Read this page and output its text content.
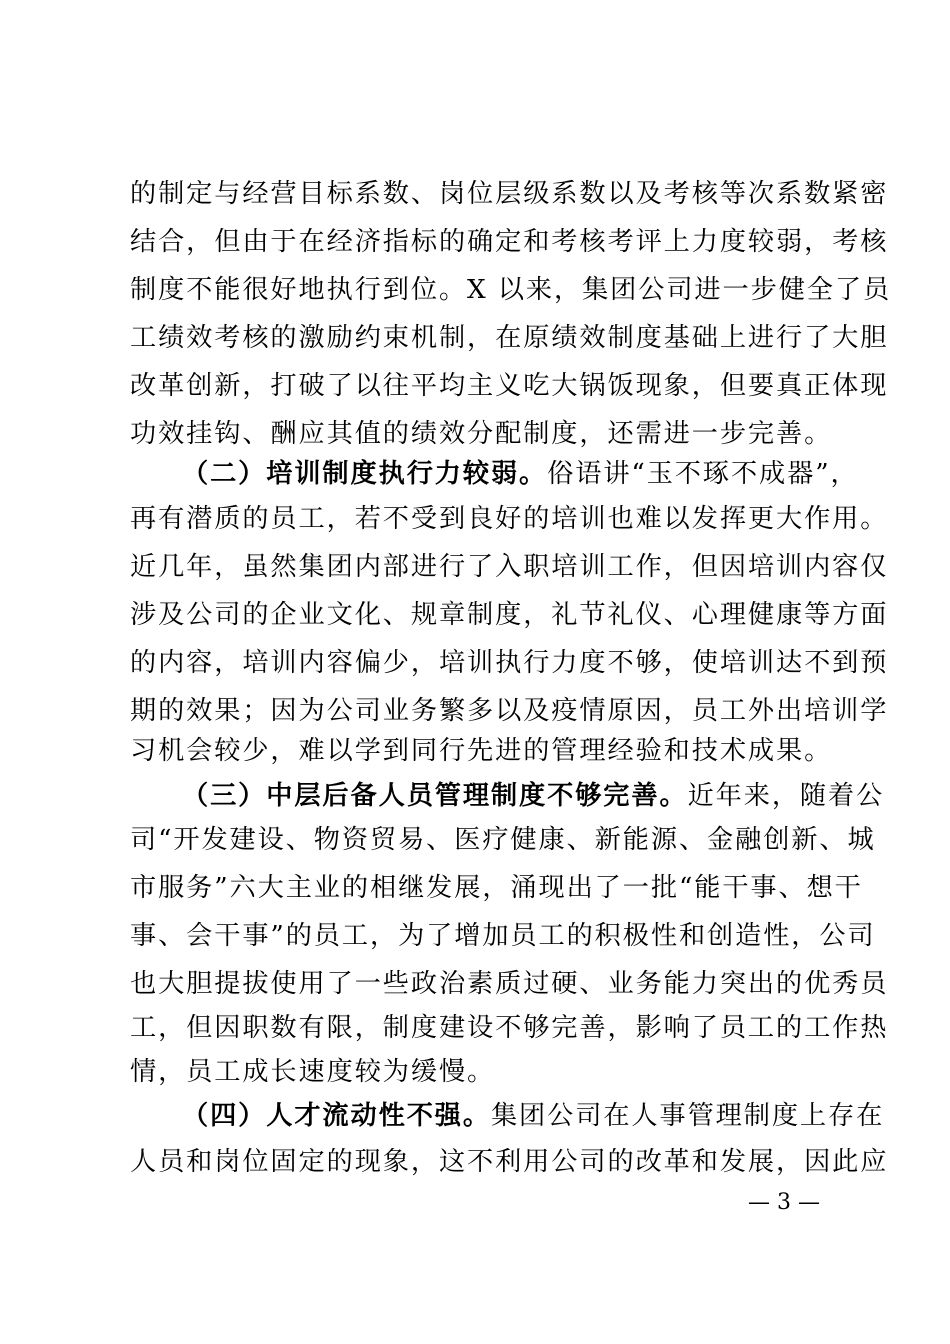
的制定与经营目标系数、岗位层级系数以及考核等次系数紧密
结合，但由于在经济指标的确定和考核考评上力度较弱，考核
制度不能很好地执行到位。X 以来，集团公司进一步健全了员
工绩效考核的激励约束机制，在原绩效制度基础上进行了大胆
改革创新，打破了以往平均主义吃大锅饭现象，但要真正体现
功效挂钩、酬应其值的绩效分配制度，还需进一步完善。
（二）培训制度执行力较弱。俗语讲“玉不琢不成器”，
再有潜质的员工，若不受到良好的培训也难以发挥更大作用。
近几年，虽然集团内部进行了入职培训工作，但因培训内容仅
涉及公司的企业文化、规章制度，礼节礼仪、心理健康等方面
的内容，培训内容偏少，培训执行力度不够，使培训达不到预
期的效果；因为公司业务繁多以及疫情原因，员工外出培训学
习机会较少，难以学到同行先进的管理经验和技术成果。
（三）中层后备人员管理制度不够完善。近年来，随着公
司“开发建设、物资贸易、医疗健康、新能源、金融创新、城
市服务”六大主业的相继发展，涌现出了一批“能干事、想干
事、会干事”的员工，为了增加员工的积极性和创造性，公司
也大胆提拔使用了一些政治素质过硬、业务能力突出的优秀员
工，但因职数有限，制度建设不够完善，影响了员工的工作热
情，员工成长速度较为缓慢。
（四）人才流动性不强。集团公司在人事管理制度上存在
人员和岗位固定的现象，这不利用公司的改革和发展，因此应
— 3 —
